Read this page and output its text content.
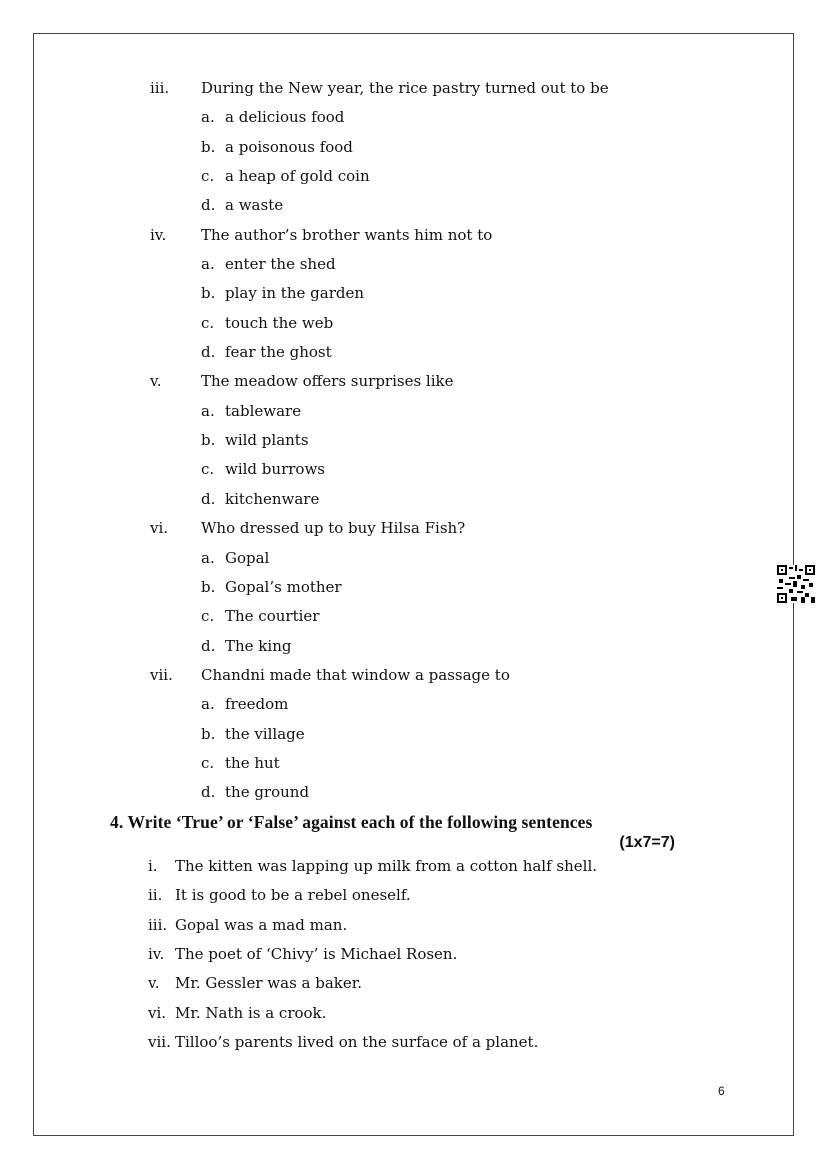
iii. During the New year, the rice pastry turned out to be
a. a delicious food
b. a poisonous food
c. a heap of gold coin
d. a waste
iv. The author’s brother wants him not to
a. enter the shed
b. play in the garden
c. touch the web
d. fear the ghost
v.	The meadow offers surprises like
a. tableware
b. wild plants
c. wild burrows
d. kitchenware
vi. Who dressed up to buy Hilsa Fish?
a. Gopal
b. Gopal’s mother
c. The courtier
d. The king
vii. Chandni made that window a passage to
a. freedom
b. the village
c. the hut
d. the ground
4. Write ‘True’ or ‘False’ against each of the following sentences
(1x7=7)
i. The kitten was lapping up milk from a cotton half shell.
ii. It is good to be a rebel oneself.
iii. Gopal was a mad man.
iv. The poet of ‘Chivy’ is Michael Rosen.
v. Mr. Gessler was a baker.
vi. Mr. Nath is a crook.
vii. Tilloo’s parents lived on the surface of a planet.
6
